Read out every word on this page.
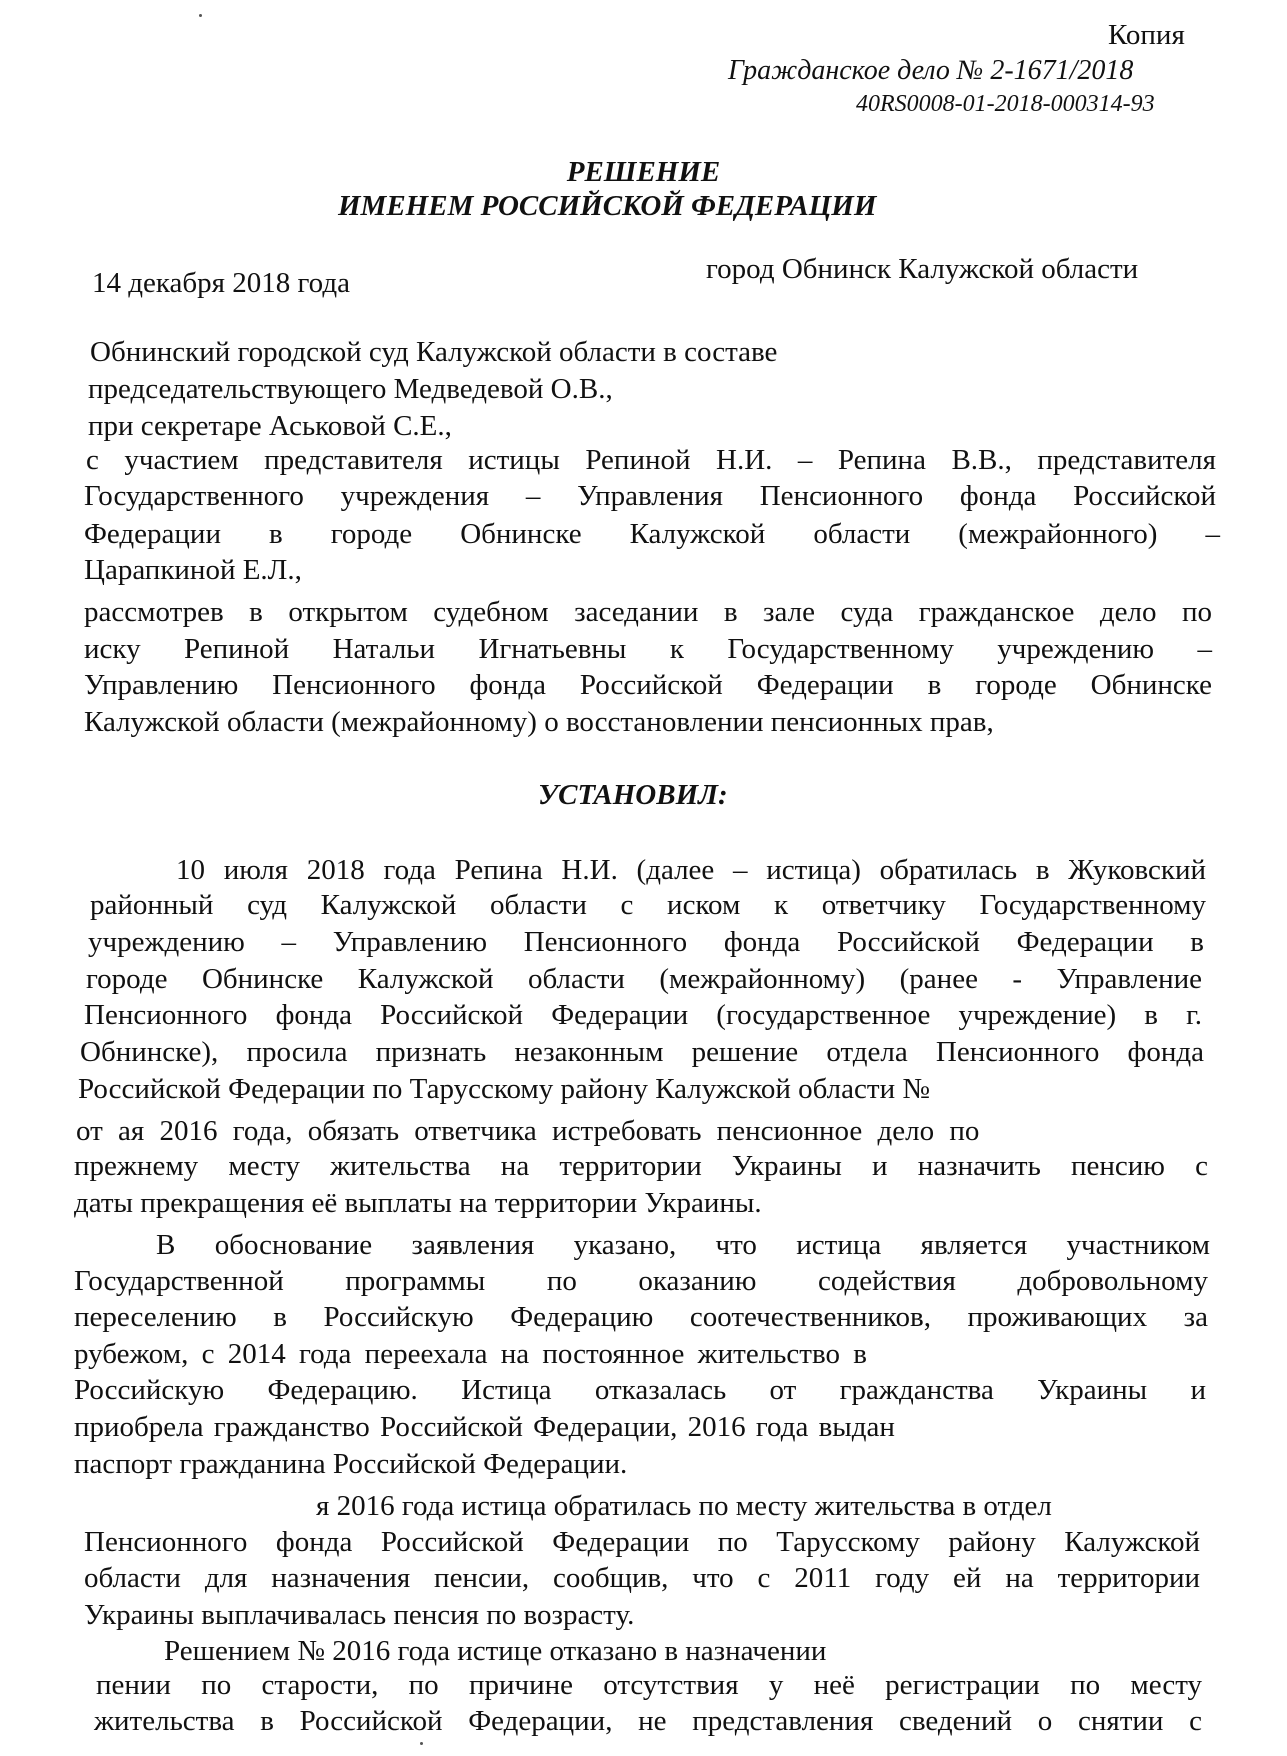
Копия
Гражданское дело № 2-1671/2018
40RS0008-01-2018-000314-93
РЕШЕНИЕ
ИМЕНЕМ РОССИЙСКОЙ ФЕДЕРАЦИИ
14 декабря 2018 года	город Обнинск Калужской области
Обнинский городской суд Калужской области в составе
председательствующего Медведевой О.В.,
при секретаре Аськовой С.Е.,
с участием представителя истицы Репиной Н.И. – Репина В.В., представителя
Государственного учреждения – Управления Пенсионного фонда Российской
Федерации в городе Обнинске Калужской области (межрайонного) –
Царапкиной Е.Л.,
рассмотрев в открытом судебном заседании в зале суда гражданское дело по
иску Репиной Натальи Игнатьевны к Государственному учреждению –
Управлению Пенсионного фонда Российской Федерации в городе Обнинске
Калужской области (межрайонному) о восстановлении пенсионных прав,
УСТАНОВИЛ:
10 июля 2018 года Репина Н.И. (далее – истица) обратилась в Жуковский
районный суд Калужской области с иском к ответчику Государственному
учреждению – Управлению Пенсионного фонда Российской Федерации в
городе Обнинске Калужской области (межрайонному) (ранее - Управление
Пенсионного фонда Российской Федерации (государственное учреждение) в г.
Обнинске), просила признать незаконным решение отдела Пенсионного фонда
Российской Федерации по Тарусскому району Калужской области №
от ая 2016 года, обязать ответчика истребовать пенсионное дело по
прежнему месту жительства на территории Украины и назначить пенсию с
даты прекращения её выплаты на территории Украины.
В обоснование заявления указано, что истица является участником
Государственной программы по оказанию содействия добровольному
переселению в Российскую Федерацию соотечественников, проживающих за
рубежом, с 2014 года переехала на постоянное жительство в
Российскую Федерацию. Истица отказалась от гражданства Украины и
приобрела гражданство Российской Федерации, 2016 года выдан
паспорт гражданина Российской Федерации.
я 2016 года истица обратилась по месту жительства в отдел
Пенсионного фонда Российской Федерации по Тарусскому району Калужской
области для назначения пенсии, сообщив, что с 2011 году ей на территории
Украины выплачивалась пенсия по возрасту.
Решением № 2016 года истице отказано в назначении
пении по старости, по причине отсутствия у неё регистрации по месту
жительства в Российской Федерации, не представления сведений о снятии с
